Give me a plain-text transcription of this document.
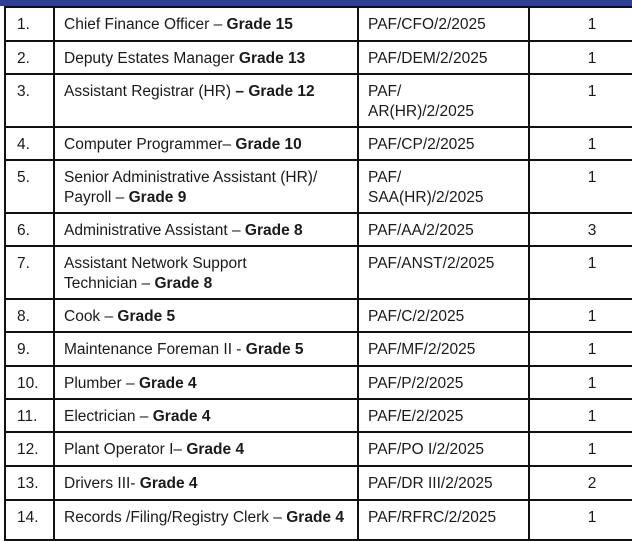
1.	Chief Finance Officer – Grade 15	PAF/CFO/2/2025	1
2.	Deputy Estates Manager Grade 13	PAF/DEM/2/2025	1
3.	Assistant Registrar (HR) – Grade 12	PAF/
AR(HR)/2/2025	1
4.	Computer Programmer– Grade 10	PAF/CP/2/2025	1
5.	Senior Administrative Assistant (HR)/
Payroll – Grade 9	PAF/
SAA(HR)/2/2025	1
6.	Administrative Assistant – Grade 8	PAF/AA/2/2025	3
7.	Assistant Network Support
Technician – Grade 8	PAF/ANST/2/2025	1
8.	Cook – Grade 5	PAF/C/2/2025	1
9.	Maintenance Foreman II - Grade 5	PAF/MF/2/2025	1
10.	Plumber – Grade 4	PAF/P/2/2025	1
11.	Electrician – Grade 4	PAF/E/2/2025	1
12.	Plant Operator I– Grade 4	PAF/PO I/2/2025	1
13.	Drivers III- Grade 4	PAF/DR III/2/2025	2
14.	Records /Filing/Registry Clerk – Grade 4	PAF/RFRC/2/2025	1
